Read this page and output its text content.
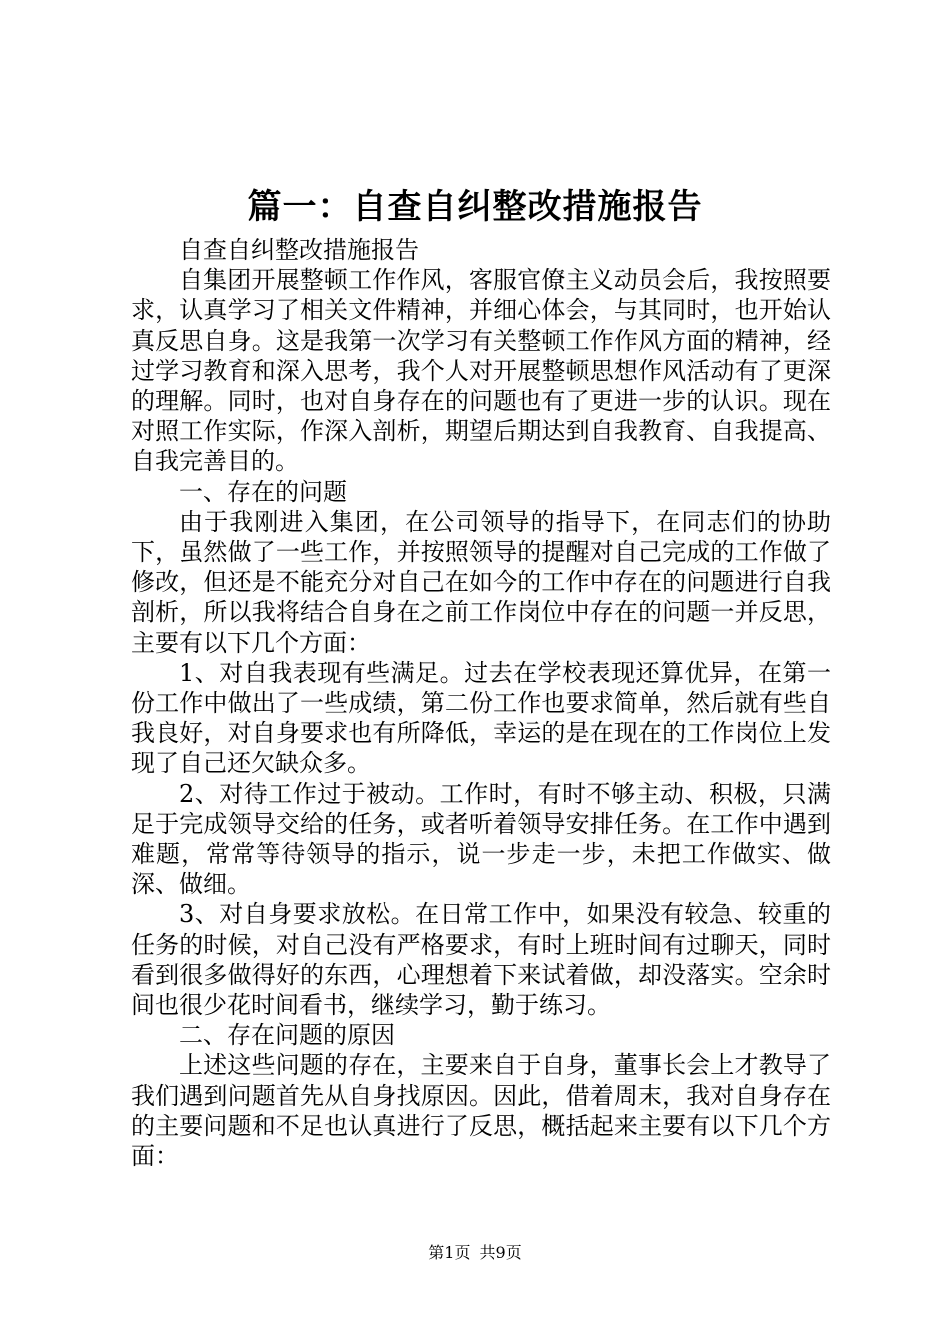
篇一：自查自纠整改措施报告

自查自纠整改措施报告

自集团开展整顿工作作风，客服官僚主义动员会后，我按照要求，认真学习了相关文件精神，并细心体会，与其同时，也开始认真反思自身。这是我第一次学习有关整顿工作作风方面的精神，经过学习教育和深入思考，我个人对开展整顿思想作风活动有了更深的理解。同时，也对自身存在的问题也有了更进一步的认识。现在对照工作实际，作深入剖析，期望后期达到自我教育、自我提高、自我完善目的。

一、存在的问题

由于我刚进入集团，在公司领导的指导下，在同志们的协助下，虽然做了一些工作，并按照领导的提醒对自己完成的工作做了修改，但还是不能充分对自己在如今的工作中存在的问题进行自我剖析，所以我将结合自身在之前工作岗位中存在的问题一并反思，主要有以下几个方面：

1、对自我表现有些满足。过去在学校表现还算优异，在第一份工作中做出了一些成绩，第二份工作也要求简单，然后就有些自我良好，对自身要求也有所降低，幸运的是在现在的工作岗位上发现了自己还欠缺众多。

2、对待工作过于被动。工作时，有时不够主动、积极，只满足于完成领导交给的任务，或者听着领导安排任务。在工作中遇到难题，常常等待领导的指示，说一步走一步，未把工作做实、做深、做细。

3、对自身要求放松。在日常工作中，如果没有较急、较重的任务的时候，对自己没有严格要求，有时上班时间有过聊天，同时看到很多做得好的东西，心理想着下来试着做，却没落实。空余时间也很少花时间看书，继续学习，勤于练习。

二、存在问题的原因

上述这些问题的存在，主要来自于自身，董事长会上才教导了我们遇到问题首先从自身找原因。因此，借着周末，我对自身存在的主要问题和不足也认真进行了反思，概括起来主要有以下几个方面：

第1页 共9页
